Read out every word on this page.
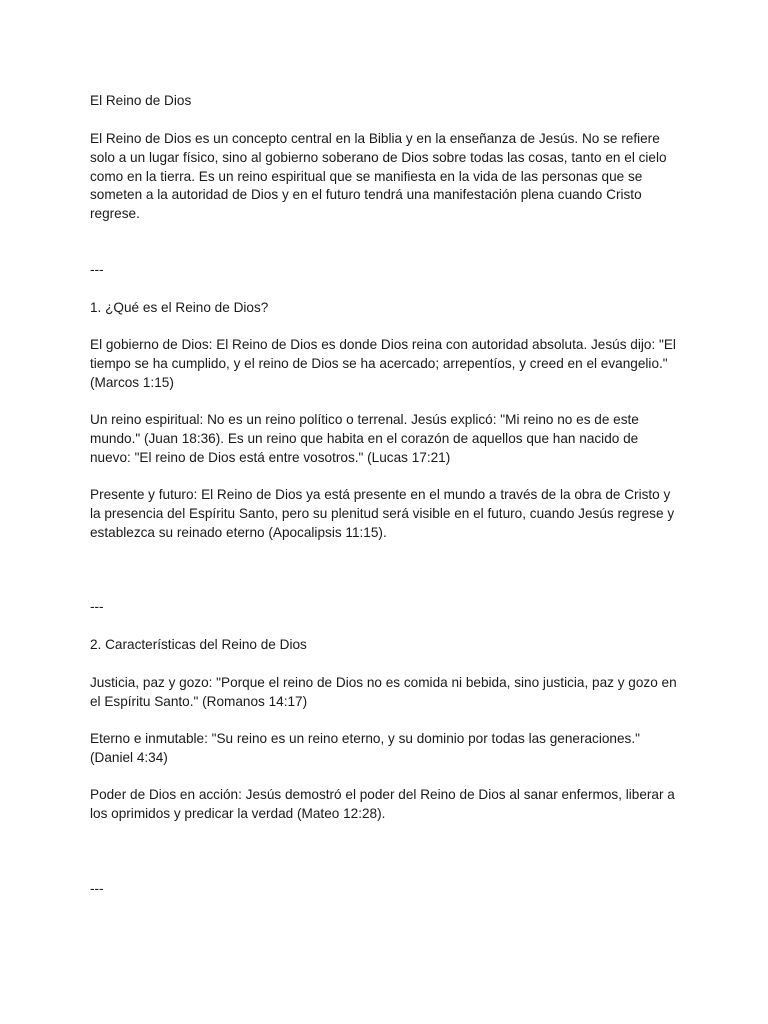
El Reino de Dios

El Reino de Dios es un concepto central en la Biblia y en la enseñanza de Jesús. No se refiere solo a un lugar físico, sino al gobierno soberano de Dios sobre todas las cosas, tanto en el cielo como en la tierra. Es un reino espiritual que se manifiesta en la vida de las personas que se someten a la autoridad de Dios y en el futuro tendrá una manifestación plena cuando Cristo regrese.

---

1. ¿Qué es el Reino de Dios?

El gobierno de Dios: El Reino de Dios es donde Dios reina con autoridad absoluta. Jesús dijo: "El tiempo se ha cumplido, y el reino de Dios se ha acercado; arrepentíos, y creed en el evangelio." (Marcos 1:15)

Un reino espiritual: No es un reino político o terrenal. Jesús explicó: "Mi reino no es de este mundo." (Juan 18:36). Es un reino que habita en el corazón de aquellos que han nacido de nuevo: "El reino de Dios está entre vosotros." (Lucas 17:21)

Presente y futuro: El Reino de Dios ya está presente en el mundo a través de la obra de Cristo y la presencia del Espíritu Santo, pero su plenitud será visible en el futuro, cuando Jesús regrese y establezca su reinado eterno (Apocalipsis 11:15).

---

2. Características del Reino de Dios

Justicia, paz y gozo: "Porque el reino de Dios no es comida ni bebida, sino justicia, paz y gozo en el Espíritu Santo." (Romanos 14:17)

Eterno e inmutable: "Su reino es un reino eterno, y su dominio por todas las generaciones." (Daniel 4:34)

Poder de Dios en acción: Jesús demostró el poder del Reino de Dios al sanar enfermos, liberar a los oprimidos y predicar la verdad (Mateo 12:28).

---
